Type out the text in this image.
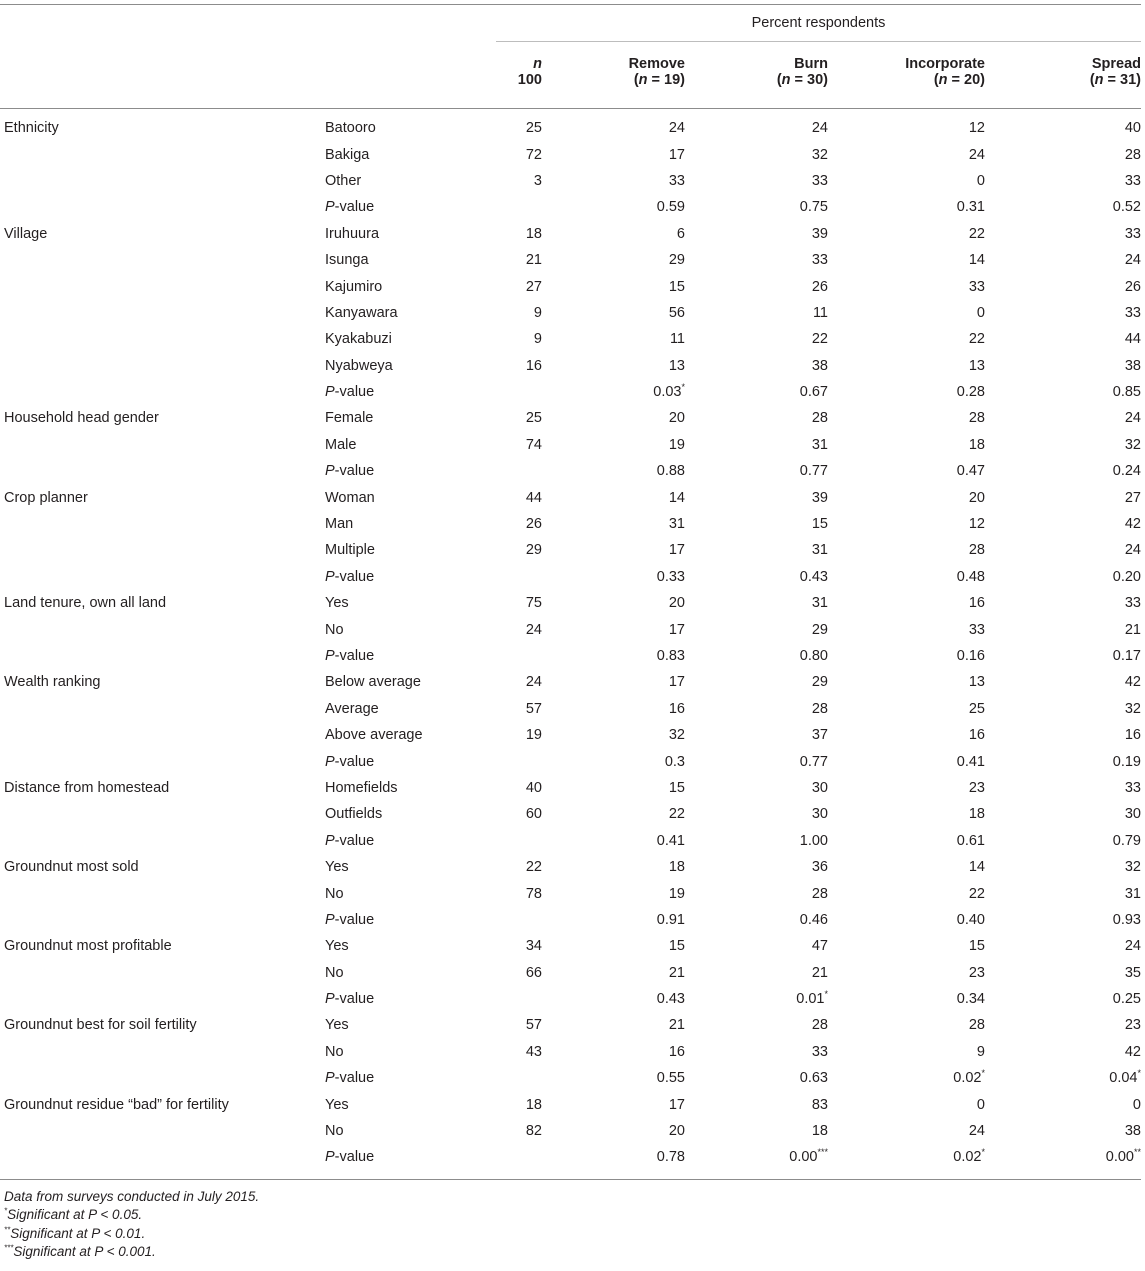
		Percent respondents				
		n	Remove	Burn	Incorporate	Spread
		100	(n = 19)	(n = 30)	(n = 20)	(n = 31)

Ethnicity	Batooro	25	24	24	12	40
	Bakiga	72	17	32	24	28
	Other	3	33	33	0	33
	P-value		0.59	0.75	0.31	0.52
Village	Iruhuura	18	6	39	22	33
	Isunga	21	29	33	14	24
	Kajumiro	27	15	26	33	26
	Kanyawara	9	56	11	0	33
	Kyakabuzi	9	11	22	22	44
	Nyabweya	16	13	38	13	38
	P-value		0.03*	0.67	0.28	0.85
Household head gender	Female	25	20	28	28	24
	Male	74	19	31	18	32
	P-value		0.88	0.77	0.47	0.24
Crop planner	Woman	44	14	39	20	27
	Man	26	31	15	12	42
	Multiple	29	17	31	28	24
	P-value		0.33	0.43	0.48	0.20
Land tenure, own all land	Yes	75	20	31	16	33
	No	24	17	29	33	21
	P-value		0.83	0.80	0.16	0.17
Wealth ranking	Below average	24	17	29	13	42
	Average	57	16	28	25	32
	Above average	19	32	37	16	16
	P-value		0.3	0.77	0.41	0.19
Distance from homestead	Homefields	40	15	30	23	33
	Outfields	60	22	30	18	30
	P-value		0.41	1.00	0.61	0.79
Groundnut most sold	Yes	22	18	36	14	32
	No	78	19	28	22	31
	P-value		0.91	0.46	0.40	0.93
Groundnut most profitable	Yes	34	15	47	15	24
	No	66	21	21	23	35
	P-value		0.43	0.01*	0.34	0.25
Groundnut best for soil fertility	Yes	57	21	28	28	23
	No	43	16	33	9	42
	P-value		0.55	0.63	0.02*	0.04*
Groundnut residue “bad” for fertility	Yes	18	17	83	0	0
	No	82	20	18	24	38
	P-value		0.78	0.00***	0.02*	0.00**

Data from surveys conducted in July 2015.
*Significant at P < 0.05.
**Significant at P < 0.01.
***Significant at P < 0.001.
